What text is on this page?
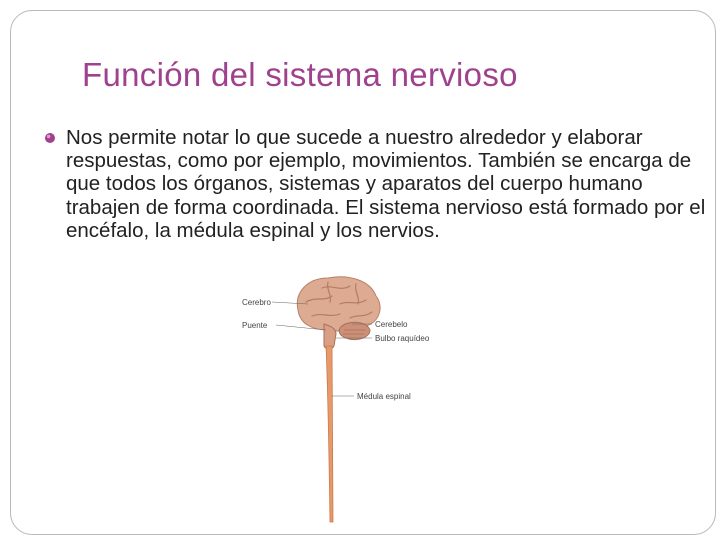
Función del sistema nervioso
Nos permite notar lo que sucede a nuestro alrededor y elaborar respuestas, como por ejemplo, movimientos. También se encarga de que todos los órganos, sistemas y aparatos del cuerpo humano trabajen de forma coordinada. El sistema nervioso está formado por el encéfalo, la médula espinal y los nervios.
Cerebro
Puente	Cerebelo
Bulbo raquídeo
Médula espinal
